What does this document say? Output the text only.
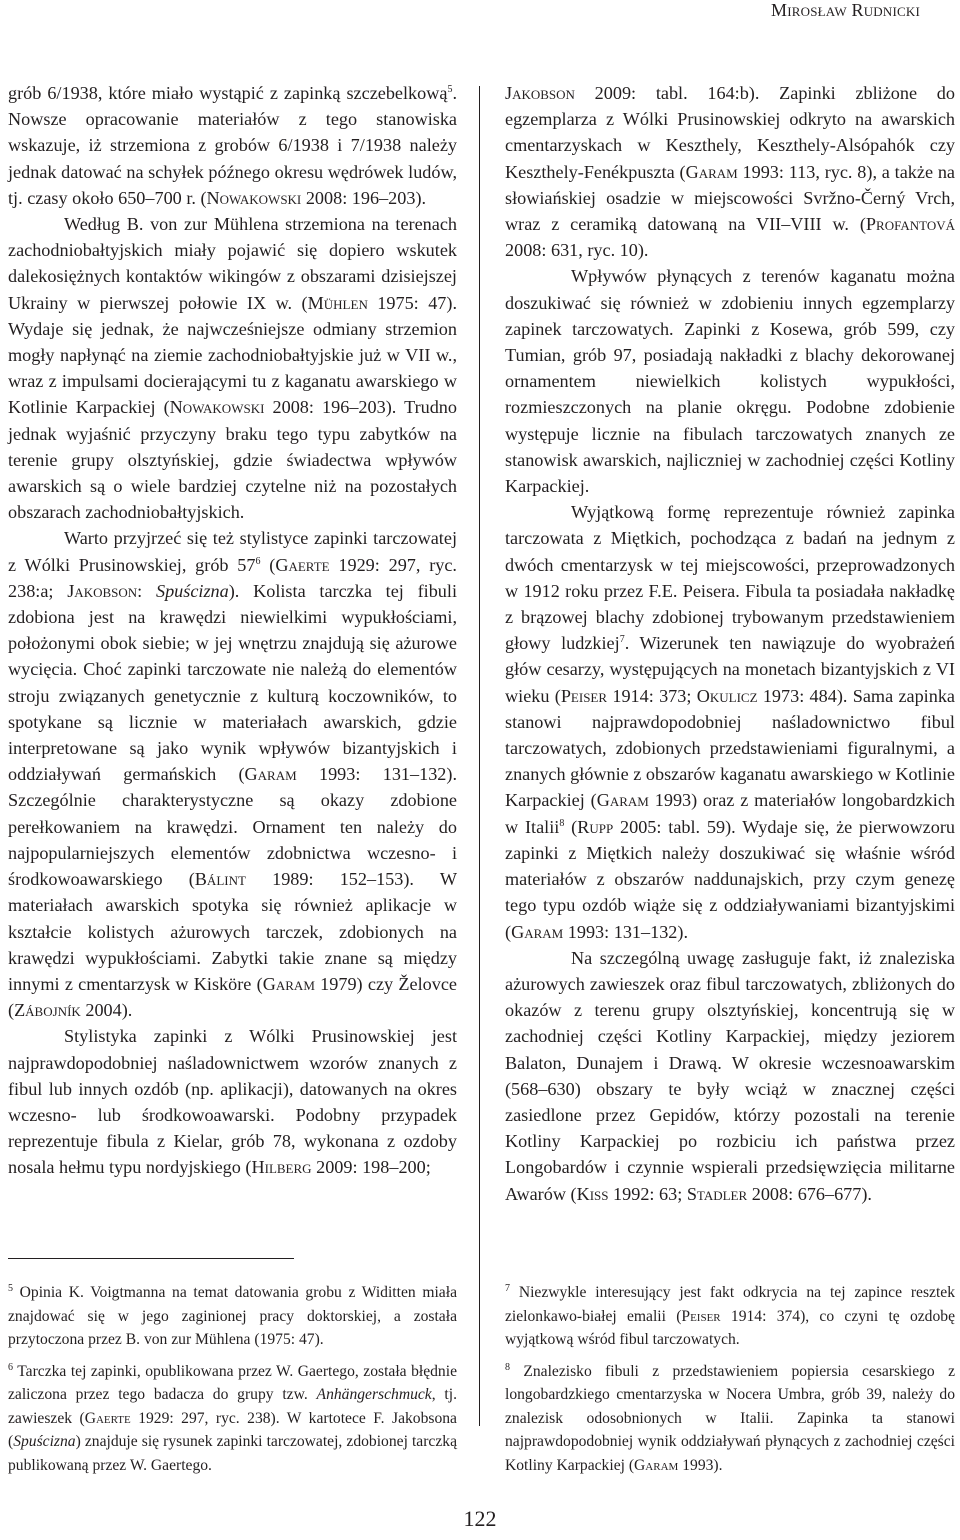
Mirosław Rudnicki

grób 6/1938, które miało wystąpić z zapinką szczebelkową$^5$. Nowsze opracowanie materiałów z tego stanowiska wskazuje, iż strzemiona z grobów 6/1938 i 7/1938 należy jednak datować na schyłek późnego okresu wędrówek ludów, tj. czasy około 650–700 r. (Nowakowski 2008: 196–203).

Według B. von zur Mühlena strzemiona na terenach zachodniobałtyjskich miały pojawić się dopiero wskutek dalekosiężnych kontaktów wikingów z obszarami dzisiejszej Ukrainy w pierwszej połowie IX w. (Mühlen 1975: 47). Wydaje się jednak, że najwcześniejsze odmiany strzemion mogły napłynąć na ziemie zachodniobałtyjskie już w VII w., wraz z impulsami docierającymi tu z kaganatu awarskiego w Kotlinie Karpackiej (Nowakowski 2008: 196–203). Trudno jednak wyjaśnić przyczyny braku tego typu zabytków na terenie grupy olsztyńskiej, gdzie świadectwa wpływów awarskich są o wiele bardziej czytelne niż na pozostałych obszarach zachodniobałtyjskich.

Warto przyjrzeć się też stylistyce zapinki tarczowatej z Wólki Prusinowskiej, grób $57^6$ (Gaerte 1929: 297, ryc. 238:a; Jakobson: Spuścizna). Kolista tarczka tej fibuli zdobiona jest na krawędzi niewielkimi wypukłościami, położonymi obok siebie; w jej wnętrzu znajdują się ażurowe wycięcia. Choć zapinki tarczowate nie należą do elementów stroju związanych genetycznie z kulturą koczowników, to spotykane są licznie w materiałach awarskich, gdzie interpretowane są jako wynik wpływów bizantyjskich i oddziaływań germańskich (Garam 1993: 131–132). Szczególnie charakterystyczne są okazy zdobione perełkowaniem na krawędzi. Ornament ten należy do najpopularniejszych elementów zdobnictwa wczesno- i środkowoawarskiego (Bálint 1989: 152–153). W materiałach awarskich spotyka się również aplikacje w kształcie kolistych ażurowych tarczek, zdobionych na krawędzi wypukłościami. Zabytki takie znane są między innymi z cmentarzysk w Kisköre (Garam 1979) czy Želovce (Zábojník 2004).

Stylistyka zapinki z Wólki Prusinowskiej jest najprawdopodobniej naśladownictwem wzorów znanych z fibul lub innych ozdób (np. aplikacji), datowanych na okres wczesno- lub środkowoawarski. Podobny przypadek reprezentuje fibula z Kielar, grób 78, wykonana z ozdoby nosala hełmu typu nordyjskiego (Hilberg 2009: 198–200;

Jakobson 2009: tabl. 164:b). Zapinki zbliżone do egzemplarza z Wólki Prusinowskiej odkryto na awarskich cmentarzyskach w Keszthely, Keszthely-Alsópahók czy Keszthely-Fenékpuszta (Garam 1993: 113, ryc. 8), a także na słowiańskiej osadzie w miejscowości Svržno-Černý Vrch, wraz z ceramiką datowaną na VII–VIII w. (Profantová 2008: 631, ryc. 10).

Wpływów płynących z terenów kaganatu można doszukiwać się również w zdobieniu innych egzemplarzy zapinek tarczowatych. Zapinki z Kosewa, grób 599, czy Tumian, grób 97, posiadają nakładki z blachy dekorowanej ornamentem niewielkich kolistych wypukłości, rozmieszczonych na planie okręgu. Podobne zdobienie występuje licznie na fibulach tarczowatych znanych ze stanowisk awarskich, najliczniej w zachodniej części Kotliny Karpackiej.

Wyjątkową formę reprezentuje również zapinka tarczowata z Miętkich, pochodząca z badań na jednym z dwóch cmentarzysk w tej miejscowości, przeprowadzonych w 1912 roku przez F.E. Peisera. Fibula ta posiadała nakładkę z brązowej blachy zdobionej trybowanym przedstawieniem głowy ludzkiej$^7$. Wizerunek ten nawiązuje do wyobrażeń głów cesarzy, występujących na monetach bizantyjskich z VI wieku (Peiser 1914: 373; Okulicz 1973: 484). Sama zapinka stanowi najprawdopodobniej naśladownictwo fibul tarczowatych, zdobionych przedstawieniami figuralnymi, a znanych głównie z obszarów kaganatu awarskiego w Kotlinie Karpackiej (Garam 1993) oraz z materiałów longobardzkich w Italii$^8$ (Rupp 2005: tabl. 59). Wydaje się, że pierwowzoru zapinki z Miętkich należy doszukiwać się właśnie wśród materiałów z obszarów naddunajskich, przy czym genezę tego typu ozdób wiąże się z oddziaływaniami bizantyjskimi (Garam 1993: 131–132).

Na szczególną uwagę zasługuje fakt, iż znaleziska ażurowych zawieszek oraz fibul tarczowatych, zbliżonych do okazów z terenu grupy olsztyńskiej, koncentrują się w zachodniej części Kotliny Karpackiej, między jeziorem Balaton, Dunajem i Drawą. W okresie wczesnoawarskim (568–630) obszary te były wciąż w znacznej części zasiedlone przez Gepidów, którzy pozostali na terenie Kotliny Karpackiej po rozbiciu ich państwa przez Longobardów i czynnie wspierali przedsięwzięcia militarne Awarów (Kiss 1992: 63; Stadler 2008: 676–677).

$^5$ Opinia K. Voigtmanna na temat datowania grobu z Widitten miała znajdować się w jego zaginionej pracy doktorskiej, a została przytoczona przez B. von zur Mühlena (1975: 47).

$^6$ Tarczka tej zapinki, opublikowana przez W. Gaertego, została błędnie zaliczona przez tego badacza do grupy tzw. Anhängerschmuck, tj. zawieszek (Gaerte 1929: 297, ryc. 238). W kartotece F. Jakobsona (Spuścizna) znajduje się rysunek zapinki tarczowatej, zdobionej tarczką publikowaną przez W. Gaertego.

$^7$ Niezwykle interesujący jest fakt odkrycia na tej zapince resztek zielonkawo-białej emalii (Peiser 1914: 374), co czyni tę ozdobę wyjątkową wśród fibul tarczowatych.

$^8$ Znalezisko fibuli z przedstawieniem popiersia cesarskiego z longobardzkiego cmentarzyska w Nocera Umbra, grób 39, należy do znalezisk odosobnionych w Italii. Zapinka ta stanowi najprawdopodobniej wynik oddziaływań płynących z zachodniej części Kotliny Karpackiej (Garam 1993).

122
